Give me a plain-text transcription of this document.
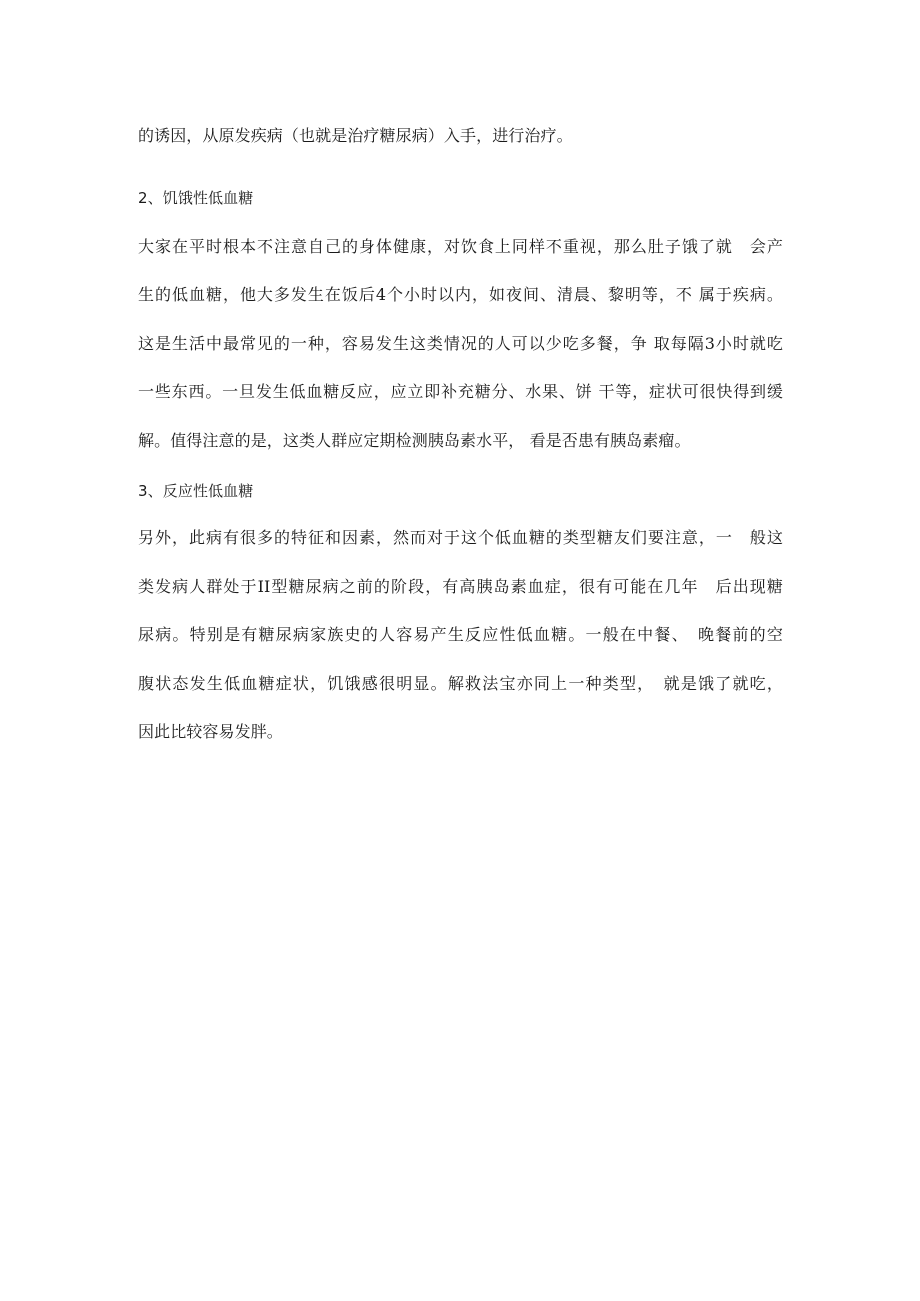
的诱因，从原发疾病（也就是治疗糖尿病）入手，进行治疗。
2、饥饿性低血糖
大家在平时根本不注意自己的身体健康，对饮食上同样不重视，那么肚子饿了就　会产
生的低血糖，他大多发生在饭后4个小时以内，如夜间、清晨、黎明等，不 属于疾病。
这是生活中最常见的一种，容易发生这类情况的人可以少吃多餐，争 取每隔3小时就吃
一些东西。一旦发生低血糖反应，应立即补充糖分、水果、饼 干等，症状可很快得到缓
解。值得注意的是，这类人群应定期检测胰岛素水平， 看是否患有胰岛素瘤。
3、反应性低血糖
另外，此病有很多的特征和因素，然而对于这个低血糖的类型糖友们要注意，一　般这
类发病人群处于II型糖尿病之前的阶段，有高胰岛素血症，很有可能在几年　后出现糖
尿病。特别是有糖尿病家族史的人容易产生反应性低血糖。一般在中餐、　晚餐前的空
腹状态发生低血糖症状，饥饿感很明显。解救法宝亦同上一种类型，　就是饿了就吃，
因此比较容易发胖。
